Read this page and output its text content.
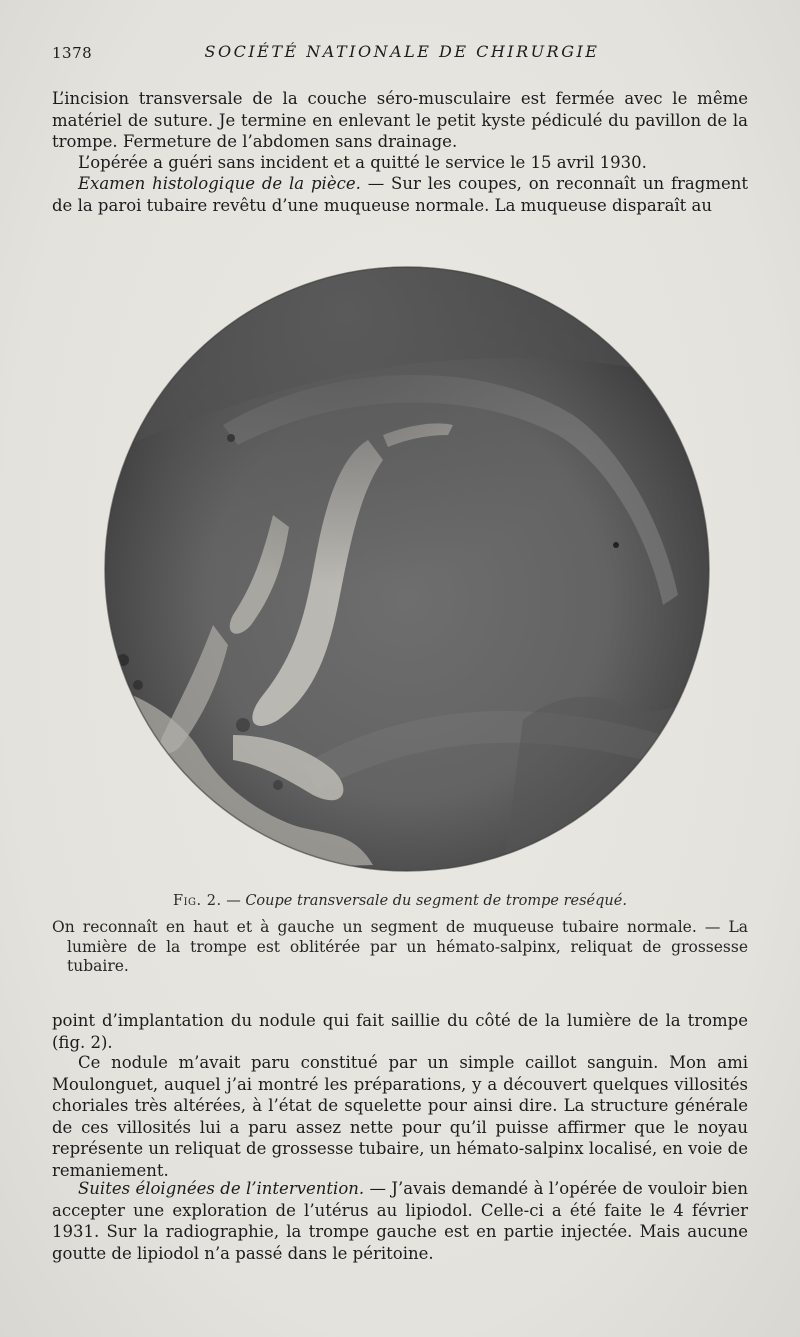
1378	SOCIÉTÉ NATIONALE DE CHIRURGIE

L’incision transversale de la couche séro-musculaire est fermée avec le même matériel de suture. Je termine en enlevant le petit kyste pédiculé du pavillon de la trompe. Fermeture de l’abdomen sans drainage.

L’opérée a guéri sans incident et a quitté le service le 15 avril 1930.

Examen histologique de la pièce. — Sur les coupes, on reconnaît un fragment de la paroi tubaire revêtu d’une muqueuse normale. La muqueuse disparaît au

Fig. 2. — Coupe transversale du segment de trompe reséqué.

On reconnaît en haut et à gauche un segment de muqueuse tubaire normale. — La lumière de la trompe est oblitérée par un hémato-salpinx, reliquat de grossesse tubaire.

point d’implantation du nodule qui fait saillie du côté de la lumière de la trompe (fig. 2).

Ce nodule m’avait paru constitué par un simple caillot sanguin. Mon ami Moulonguet, auquel j’ai montré les préparations, y a découvert quelques villosités choriales très altérées, à l’état de squelette pour ainsi dire. La structure générale de ces villosités lui a paru assez nette pour qu’il puisse affirmer que le noyau représente un reliquat de grossesse tubaire, un hémato-salpinx localisé, en voie de remaniement.

Suites éloignées de l’intervention. — J’avais demandé à l’opérée de vouloir bien accepter une exploration de l’utérus au lipiodol. Celle-ci a été faite le 4 février 1931. Sur la radiographie, la trompe gauche est en partie injectée. Mais aucune goutte de lipiodol n’a passé dans le péritoine.
